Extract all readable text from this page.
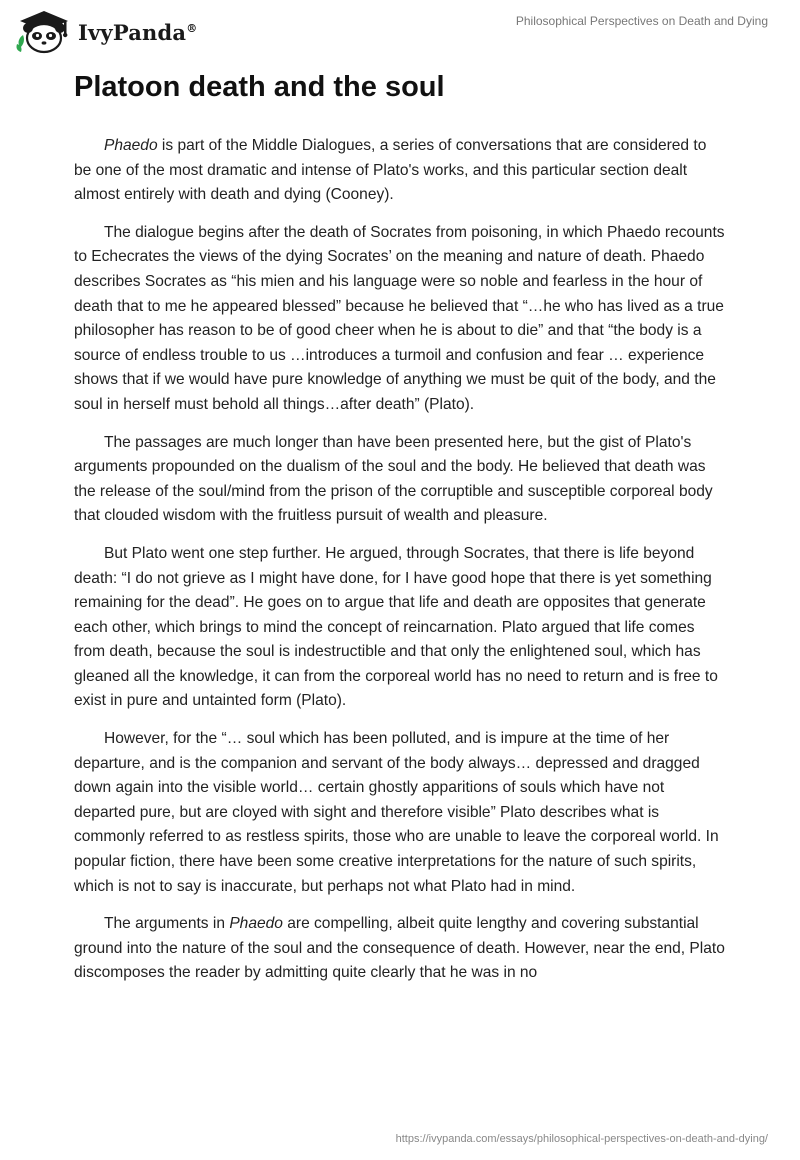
IvyPanda®
Philosophical Perspectives on Death and Dying
Platoon death and the soul

Phaedo is part of the Middle Dialogues, a series of conversations that are considered to be one of the most dramatic and intense of Plato's works, and this particular section dealt almost entirely with death and dying (Cooney).

The dialogue begins after the death of Socrates from poisoning, in which Phaedo recounts to Echecrates the views of the dying Socrates’ on the meaning and nature of death. Phaedo describes Socrates as “his mien and his language were so noble and fearless in the hour of death that to me he appeared blessed” because he believed that “…he who has lived as a true philosopher has reason to be of good cheer when he is about to die” and that “the body is a source of endless trouble to us …introduces a turmoil and confusion and fear … experience shows that if we would have pure knowledge of anything we must be quit of the body, and the soul in herself must behold all things…after death” (Plato).

The passages are much longer than have been presented here, but the gist of Plato's arguments propounded on the dualism of the soul and the body. He believed that death was the release of the soul/mind from the prison of the corruptible and susceptible corporeal body that clouded wisdom with the fruitless pursuit of wealth and pleasure.

But Plato went one step further. He argued, through Socrates, that there is life beyond death: “I do not grieve as I might have done, for I have good hope that there is yet something remaining for the dead”. He goes on to argue that life and death are opposites that generate each other, which brings to mind the concept of reincarnation. Plato argued that life comes from death, because the soul is indestructible and that only the enlightened soul, which has gleaned all the knowledge, it can from the corporeal world has no need to return and is free to exist in pure and untainted form (Plato).

However, for the “… soul which has been polluted, and is impure at the time of her departure, and is the companion and servant of the body always… depressed and dragged down again into the visible world… certain ghostly apparitions of souls which have not departed pure, but are cloyed with sight and therefore visible” Plato describes what is commonly referred to as restless spirits, those who are unable to leave the corporeal world. In popular fiction, there have been some creative interpretations for the nature of such spirits, which is not to say is inaccurate, but perhaps not what Plato had in mind.

The arguments in Phaedo are compelling, albeit quite lengthy and covering substantial ground into the nature of the soul and the consequence of death. However, near the end, Plato discomposes the reader by admitting quite clearly that he was in no

https://ivypanda.com/essays/philosophical-perspectives-on-death-and-dying/
